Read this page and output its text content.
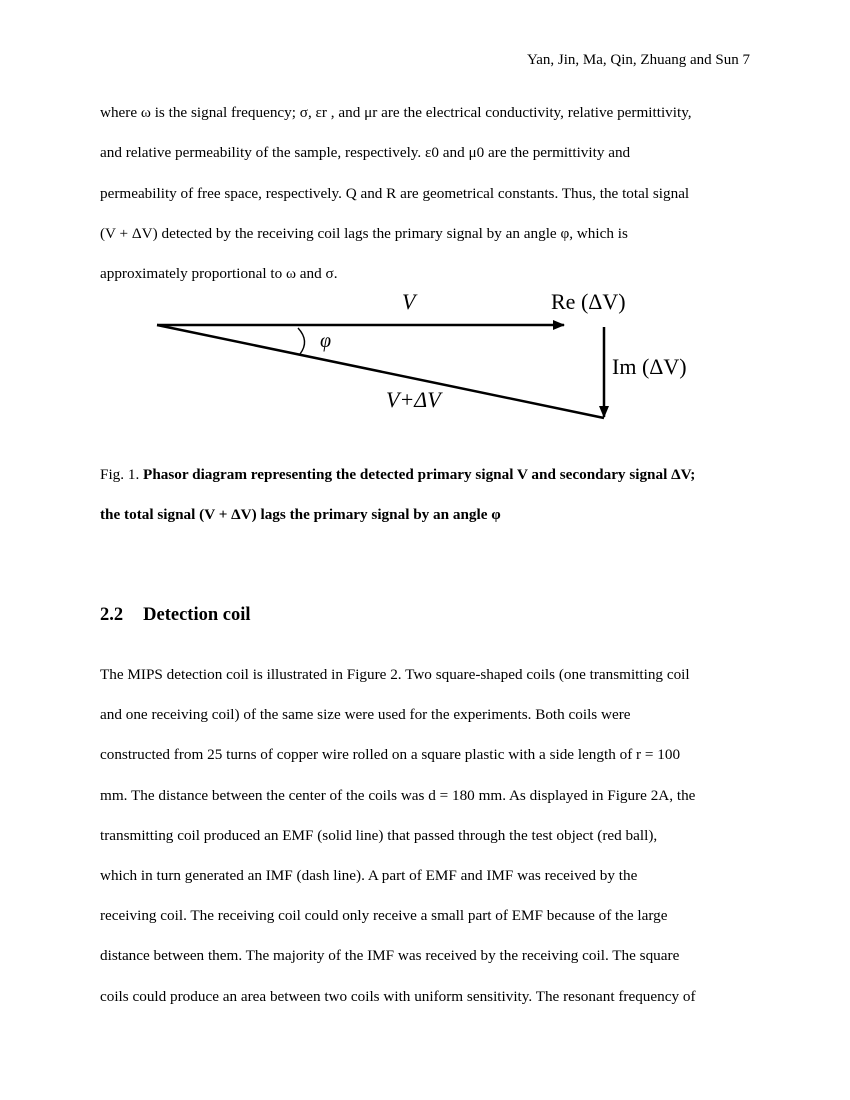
Yan, Jin, Ma, Qin, Zhuang and Sun 7
where ω is the signal frequency; σ, εr , and μr are the electrical conductivity, relative permittivity,
and relative permeability of the sample, respectively. ε0 and μ0 are the permittivity and
permeability of free space, respectively. Q and R are geometrical constants. Thus, the total signal
(V + ΔV) detected by the receiving coil lags the primary signal by an angle φ, which is
approximately proportional to ω and σ.
V	Re (ΔV)
Im (ΔV)
V+ΔV
φ
Fig. 1. Phasor diagram representing the detected primary signal V and secondary signal ΔV;
the total signal (V + ΔV) lags the primary signal by an angle φ
2.2 Detection coil
The MIPS detection coil is illustrated in Figure 2. Two square-shaped coils (one transmitting coil
and one receiving coil) of the same size were used for the experiments. Both coils were
constructed from 25 turns of copper wire rolled on a square plastic with a side length of r = 100
mm. The distance between the center of the coils was d = 180 mm. As displayed in Figure 2A, the
transmitting coil produced an EMF (solid line) that passed through the test object (red ball),
which in turn generated an IMF (dash line). A part of EMF and IMF was received by the
receiving coil. The receiving coil could only receive a small part of EMF because of the large
distance between them. The majority of the IMF was received by the receiving coil. The square
coils could produce an area between two coils with uniform sensitivity. The resonant frequency of
